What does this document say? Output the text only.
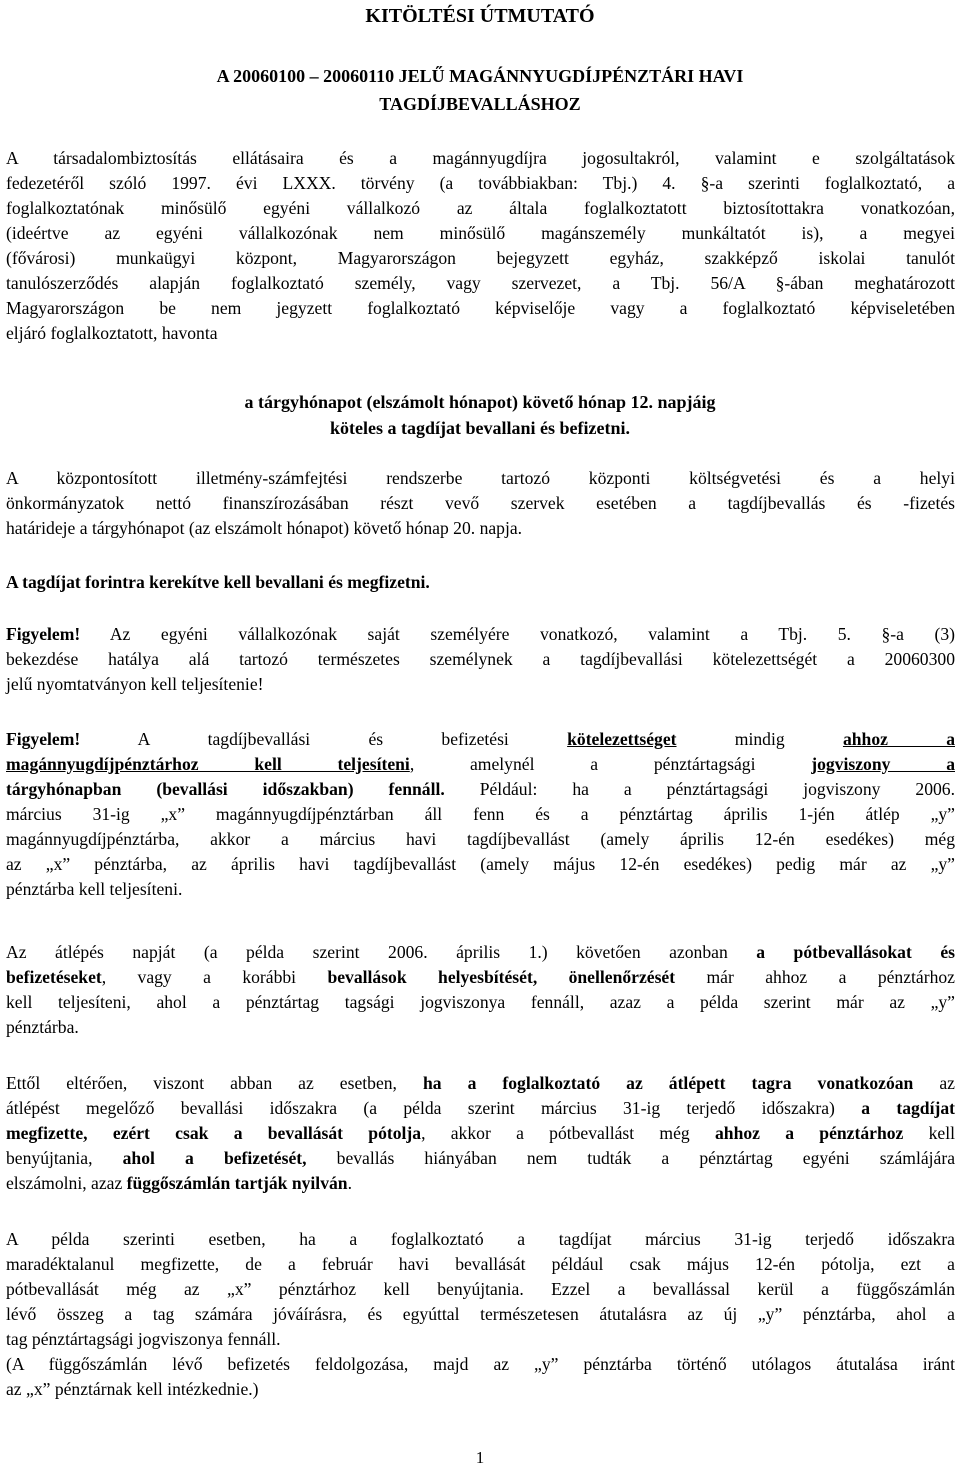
KITÖLTÉSI ÚTMUTATÓ
A 20060100 – 20060110 JELŰ MAGÁNNYUGDÍJPÉNZTÁRI HAVI
TAGDÍJBEVALLÁSHOZ
A társadalombiztosítás ellátásaira és a magánnyugdíjra jogosultakról, valamint e szolgáltatások
fedezetéről szóló 1997. évi LXXX. törvény (a továbbiakban: Tbj.) 4. §-a szerinti foglalkoztató, a
foglalkoztatónak minősülő egyéni vállalkozó az általa foglalkoztatott biztosítottakra vonatkozóan,
(ideértve az egyéni vállalkozónak nem minősülő magánszemély munkáltatót is), a megyei
(fővárosi) munkaügyi központ, Magyarországon bejegyzett egyház, szakképző iskolai tanulót
tanulószerződés alapján foglalkoztató személy, vagy szervezet, a Tbj. 56/A §-ában meghatározott
Magyarországon be nem jegyzett foglalkoztató képviselője vagy a foglalkoztató képviseletében
eljáró foglalkoztatott, havonta
a tárgyhónapot (elszámolt hónapot) követő hónap 12. napjáig
köteles a tagdíjat bevallani és befizetni.
A központosított illetmény-számfejtési rendszerbe tartozó központi költségvetési és a helyi
önkormányzatok nettó finanszírozásában részt vevő szervek esetében a tagdíjbevallás és -fizetés
határideje a tárgyhónapot (az elszámolt hónapot) követő hónap 20. napja.
A tagdíjat forintra kerekítve kell bevallani és megfizetni.
Figyelem! Az egyéni vállalkozónak saját személyére vonatkozó, valamint a Tbj. 5. §-a (3)
bekezdése hatálya alá tartozó természetes személynek a tagdíjbevallási kötelezettségét a 20060300
jelű nyomtatványon kell teljesítenie!
Figyelem! A tagdíjbevallási és befizetési kötelezettséget mindig ahhoz a
magánnyugdíjpénztárhoz kell teljesíteni, amelynél a pénztártagsági jogviszony a
tárgyhónapban (bevallási időszakban) fennáll. Például: ha a pénztártagsági jogviszony 2006.
március 31-ig „x” magánnyugdíjpénztárban áll fenn és a pénztártag április 1-jén átlép „y”
magánnyugdíjpénztárba, akkor a március havi tagdíjbevallást (amely április 12-én esedékes) még
az „x” pénztárba, az április havi tagdíjbevallást (amely május 12-én esedékes) pedig már az „y”
pénztárba kell teljesíteni.
Az átlépés napját (a példa szerint 2006. április 1.) követően azonban a pótbevallásokat és
befizetéseket, vagy a korábbi bevallások helyesbítését, önellenőrzését már ahhoz a pénztárhoz
kell teljesíteni, ahol a pénztártag tagsági jogviszonya fennáll, azaz a példa szerint már az „y”
pénztárba.
Ettől eltérően, viszont abban az esetben, ha a foglalkoztató az átlépett tagra vonatkozóan az
átlépést megelőző bevallási időszakra (a példa szerint március 31-ig terjedő időszakra) a tagdíjat
megfizette, ezért csak a bevallását pótolja, akkor a pótbevallást még ahhoz a pénztárhoz kell
benyújtania, ahol a befizetését, bevallás hiányában nem tudták a pénztártag egyéni számlájára
elszámolni, azaz függőszámlán tartják nyilván.
A példa szerinti esetben, ha a foglalkoztató a tagdíjat március 31-ig terjedő időszakra
maradéktalanul megfizette, de a február havi bevallását például csak május 12-én pótolja, ezt a
pótbevallását még az „x” pénztárhoz kell benyújtania. Ezzel a bevallással kerül a függőszámlán
lévő összeg a tag számára jóváírásra, és egyúttal természetesen átutalásra az új „y” pénztárba, ahol a
tag pénztártagsági jogviszonya fennáll.
(A függőszámlán lévő befizetés feldolgozása, majd az „y” pénztárba történő utólagos átutalása iránt
az „x” pénztárnak kell intézkednie.)
1
